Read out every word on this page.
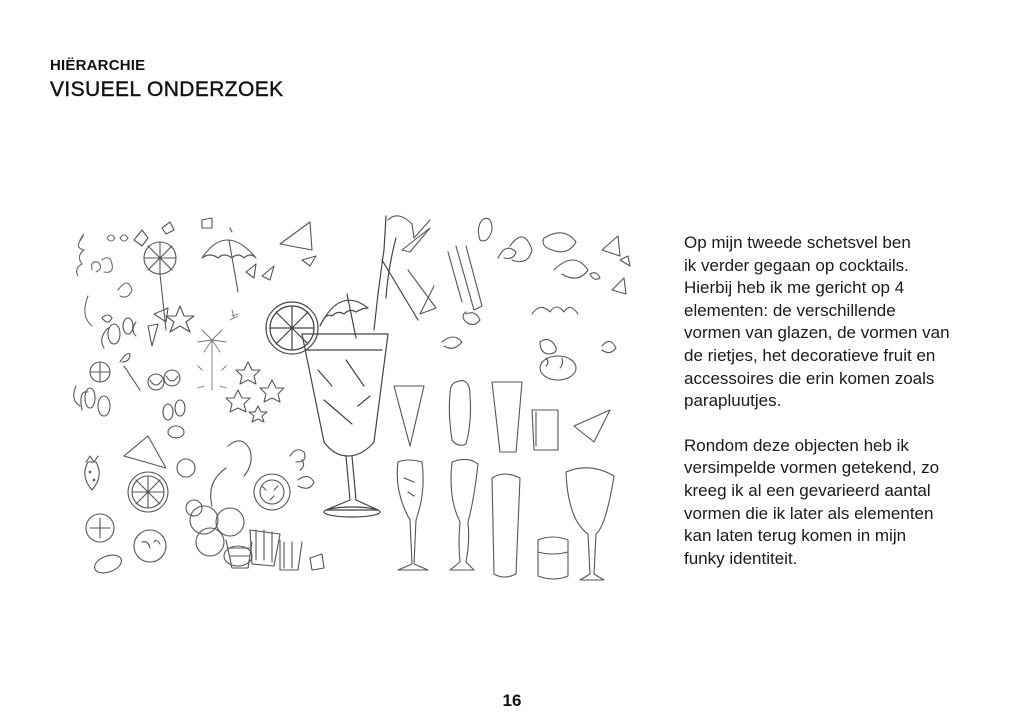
HIËRARCHIE
VISUEEL ONDERZOEK

Op mijn tweede schetsvel ben
ik verder gegaan op cocktails.
Hierbij heb ik me gericht op 4
elementen: de verschillende
vormen van glazen, de vormen van
de rietjes, het decoratieve fruit en
accessoires die erin komen zoals
parapluutjes.

Rondom deze objecten heb ik
versimpelde vormen getekend, zo
kreeg ik al een gevarieerd aantal
vormen die ik later als elementen
kan laten terug komen in mijn
funky identiteit.

16
